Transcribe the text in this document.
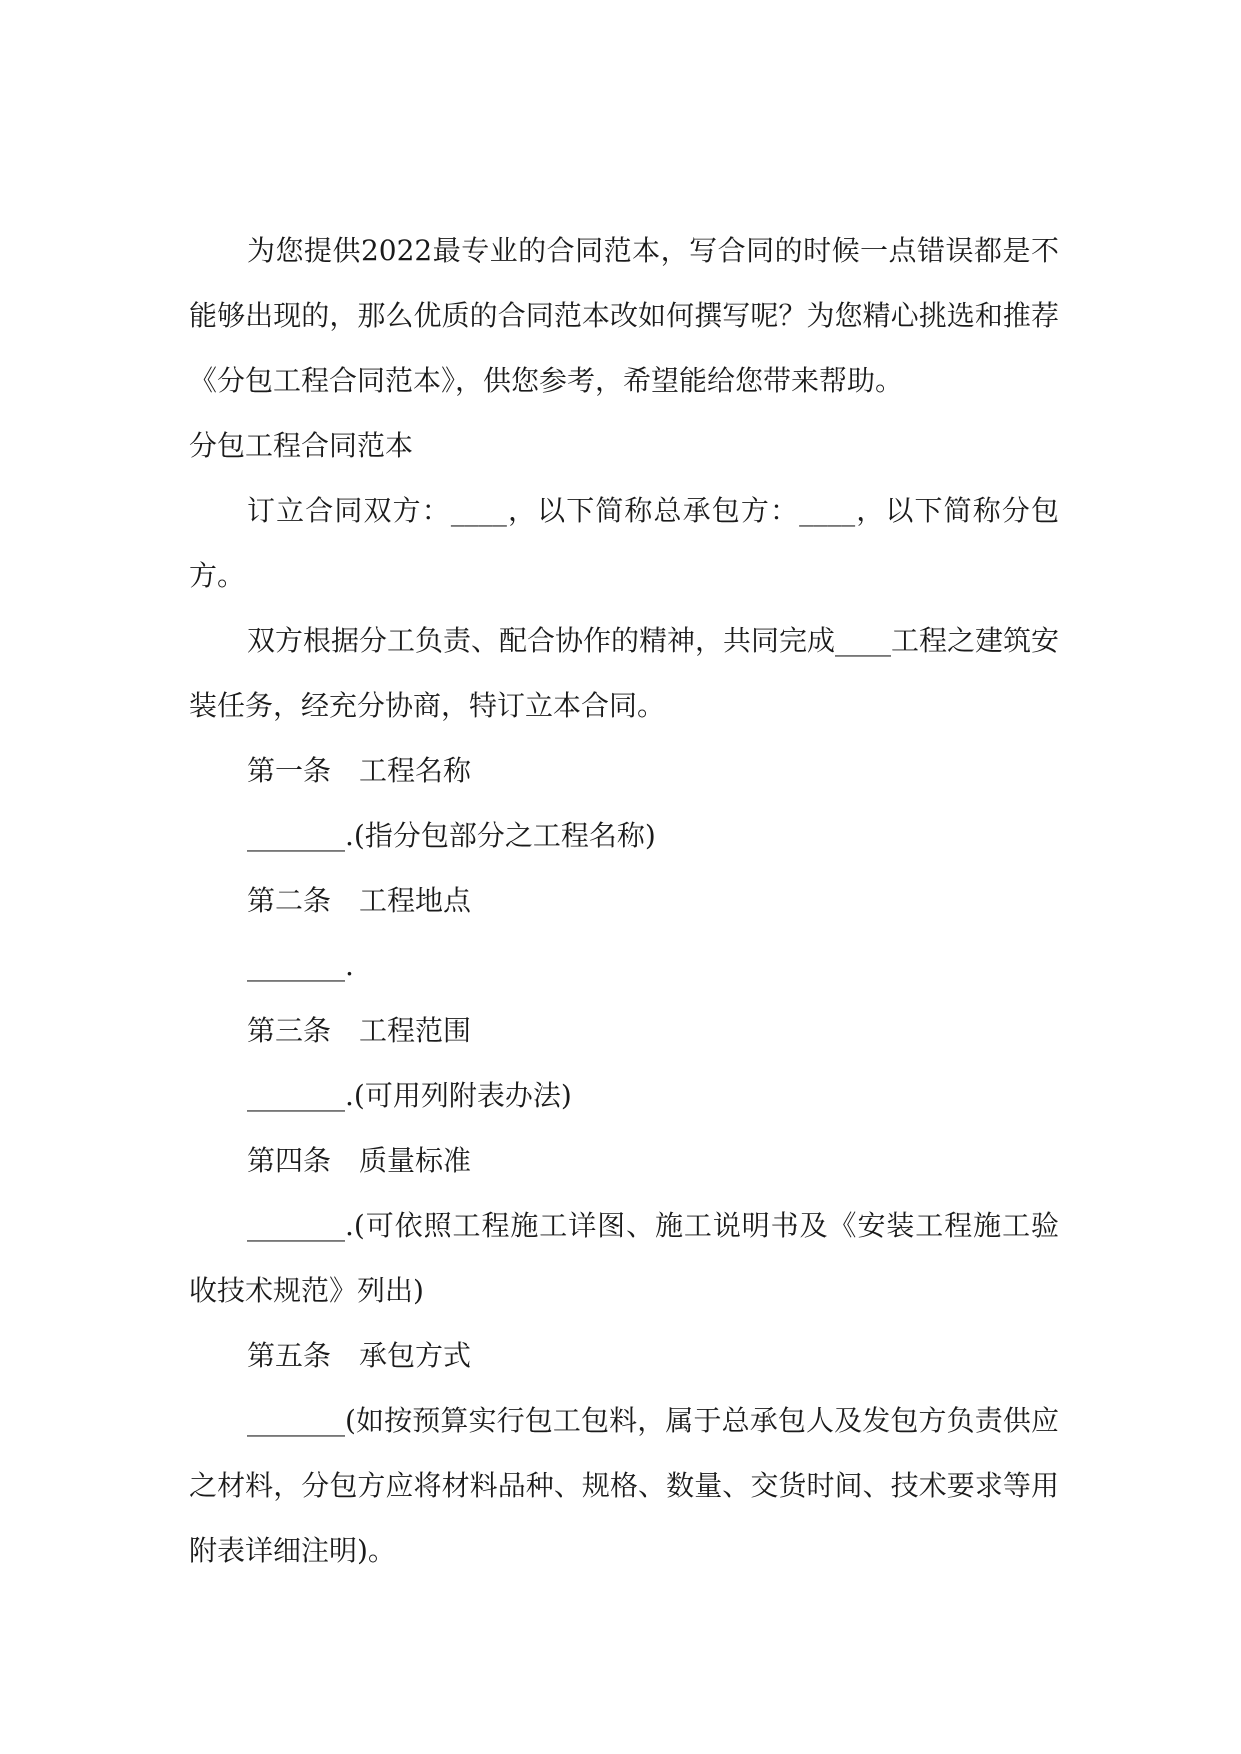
为您提供2022最专业的合同范本，写合同的时候一点错误都是不能够出现的，那么优质的合同范本改如何撰写呢？为您精心挑选和推荐《分包工程合同范本》，供您参考，希望能给您带来帮助。

分包工程合同范本

订立合同双方：____，以下简称总承包方：____，以下简称分包方。

双方根据分工负责、配合协作的精神，共同完成____工程之建筑安装任务，经充分协商，特订立本合同。

第一条　工程名称

_______.(指分包部分之工程名称)

第二条　工程地点

_______.

第三条　工程范围

_______.(可用列附表办法)

第四条　质量标准

_______.(可依照工程施工详图、施工说明书及《安装工程施工验收技术规范》列出)

第五条　承包方式

_______(如按预算实行包工包料，属于总承包人及发包方负责供应之材料，分包方应将材料品种、规格、数量、交货时间、技术要求等用附表详细注明)。
